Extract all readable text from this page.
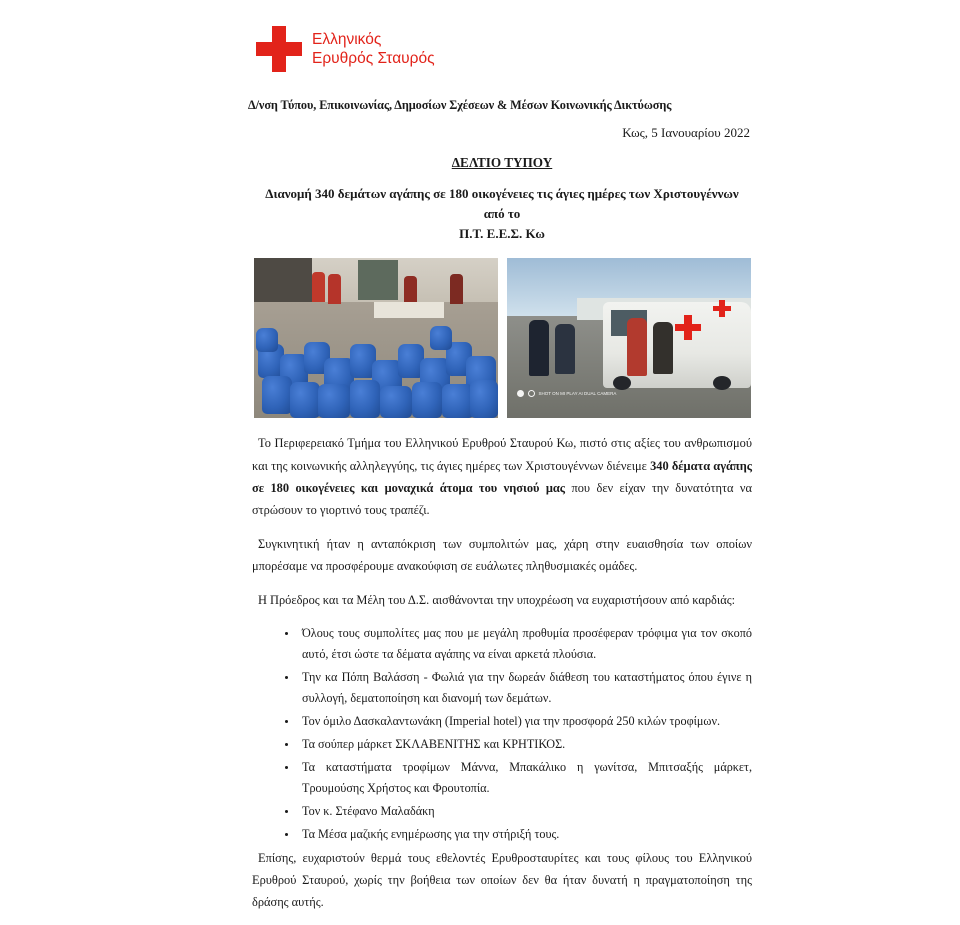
Ελληνικός
Ερυθρός Σταυρός
Δ/νση Τύπου, Επικοινωνίας, Δημοσίων Σχέσεων & Μέσων Κοινωνικής Δικτύωσης
Κως, 5 Ιανουαρίου 2022
ΔΕΛΤΙΟ ΤΥΠΟΥ
Διανομή 340 δεμάτων αγάπης σε 180 οικογένειες τις άγιες ημέρες των Χριστουγέννων από το
Π.Τ. Ε.Ε.Σ. Κω
SHOT ON MI PLAY AI DUAL CAMERA

Το Περιφερειακό Τμήμα του Ελληνικού Ερυθρού Σταυρού Κω, πιστό στις αξίες του ανθρωπισμού και της κοινωνικής αλληλεγγύης, τις άγιες ημέρες των Χριστουγέννων διένειμε 340 δέματα αγάπης σε 180 οικογένειες και μοναχικά άτομα του νησιού μας που δεν είχαν την δυνατότητα να στρώσουν το γιορτινό τους τραπέζι.

Συγκινητική ήταν η ανταπόκριση των συμπολιτών μας, χάρη στην ευαισθησία των οποίων μπορέσαμε να προσφέρουμε ανακούφιση σε ευάλωτες πληθυσμιακές ομάδες.

Η Πρόεδρος και τα Μέλη του Δ.Σ. αισθάνονται την υποχρέωση να ευχαριστήσουν από καρδιάς:

• Όλους τους συμπολίτες μας που με μεγάλη προθυμία προσέφεραν τρόφιμα για τον σκοπό αυτό, έτσι ώστε τα δέματα αγάπης να είναι αρκετά πλούσια.
• Την κα Πόπη Βαλάσση - Φωλιά για την δωρεάν διάθεση του καταστήματος όπου έγινε η συλλογή, δεματοποίηση και διανομή των δεμάτων.
• Τον όμιλο Δασκαλαντωνάκη (Imperial hotel) για την προσφορά 250 κιλών τροφίμων.
• Τα σούπερ μάρκετ ΣΚΛΑΒΕΝΙΤΗΣ και ΚΡΗΤΙΚΟΣ.
• Τα καταστήματα τροφίμων Μάννα, Μπακάλικο η γωνίτσα, Μπιτσαξής μάρκετ, Τρουμούσης Χρήστος και Φρουτοπία.
• Τον κ. Στέφανο Μαλαδάκη
• Τα Μέσα μαζικής ενημέρωσης για την στήριξή τους.

Επίσης, ευχαριστούν θερμά τους εθελοντές Ερυθροσταυρίτες και τους φίλους του Ελληνικού Ερυθρού Σταυρού, χωρίς την βοήθεια των οποίων δεν θα ήταν δυνατή η πραγματοποίηση της δράσης αυτής.
